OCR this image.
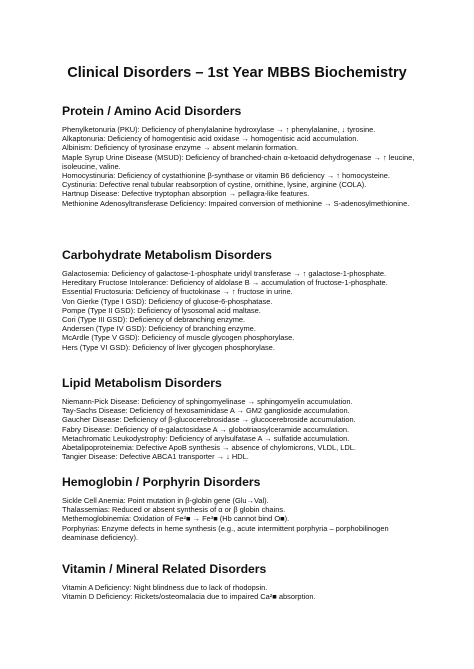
Clinical Disorders – 1st Year MBBS Biochemistry
Protein / Amino Acid Disorders

Phenylketonuria (PKU): Deficiency of phenylalanine hydroxylase → ↑ phenylalanine, ↓ tyrosine.

Alkaptonuria: Deficiency of homogentisic acid oxidase → homogentisic acid accumulation.

Albinism: Deficiency of tyrosinase enzyme → absent melanin formation.

Maple Syrup Urine Disease (MSUD): Deficiency of branched-chain α-ketoacid dehydrogenase → ↑ leucine, isoleucine, valine.

Homocystinuria: Deficiency of cystathionine β-synthase or vitamin B6 deficiency → ↑ homocysteine.

Cystinuria: Defective renal tubular reabsorption of cystine, ornithine, lysine, arginine (COLA).

Hartnup Disease: Defective tryptophan absorption → pellagra-like features.

Methionine Adenosyltransferase Deficiency: Impaired conversion of methionine → S-adenosylmethionine.

Carbohydrate Metabolism Disorders

Galactosemia: Deficiency of galactose-1-phosphate uridyl transferase → ↑ galactose-1-phosphate.

Hereditary Fructose Intolerance: Deficiency of aldolase B → accumulation of fructose-1-phosphate.

Essential Fructosuria: Deficiency of fructokinase → ↑ fructose in urine.

Von Gierke (Type I GSD): Deficiency of glucose-6-phosphatase.

Pompe (Type II GSD): Deficiency of lysosomal acid maltase.

Cori (Type III GSD): Deficiency of debranching enzyme.

Andersen (Type IV GSD): Deficiency of branching enzyme.

McArdle (Type V GSD): Deficiency of muscle glycogen phosphorylase.

Hers (Type VI GSD): Deficiency of liver glycogen phosphorylase.

Lipid Metabolism Disorders

Niemann-Pick Disease: Deficiency of sphingomyelinase → sphingomyelin accumulation.

Tay-Sachs Disease: Deficiency of hexosaminidase A → GM2 ganglioside accumulation.

Gaucher Disease: Deficiency of β-glucocerebrosidase → glucocerebroside accumulation.

Fabry Disease: Deficiency of α-galactosidase A → globotriaosylceramide accumulation.

Metachromatic Leukodystrophy: Deficiency of arylsulfatase A → sulfatide accumulation.

Abetalipoproteinemia: Defective ApoB synthesis → absence of chylomicrons, VLDL, LDL.

Tangier Disease: Defective ABCA1 transporter → ↓ HDL.

Hemoglobin / Porphyrin Disorders

Sickle Cell Anemia: Point mutation in β-globin gene (Glu→Val).

Thalassemias: Reduced or absent synthesis of α or β globin chains.

Methemoglobinemia: Oxidation of Fe²■ → Fe³■ (Hb cannot bind O■).

Porphyrias: Enzyme defects in heme synthesis (e.g., acute intermittent porphyria – porphobilinogen deaminase deficiency).

Vitamin / Mineral Related Disorders

Vitamin A Deficiency: Night blindness due to lack of rhodopsin.

Vitamin D Deficiency: Rickets/osteomalacia due to impaired Ca²■ absorption.
